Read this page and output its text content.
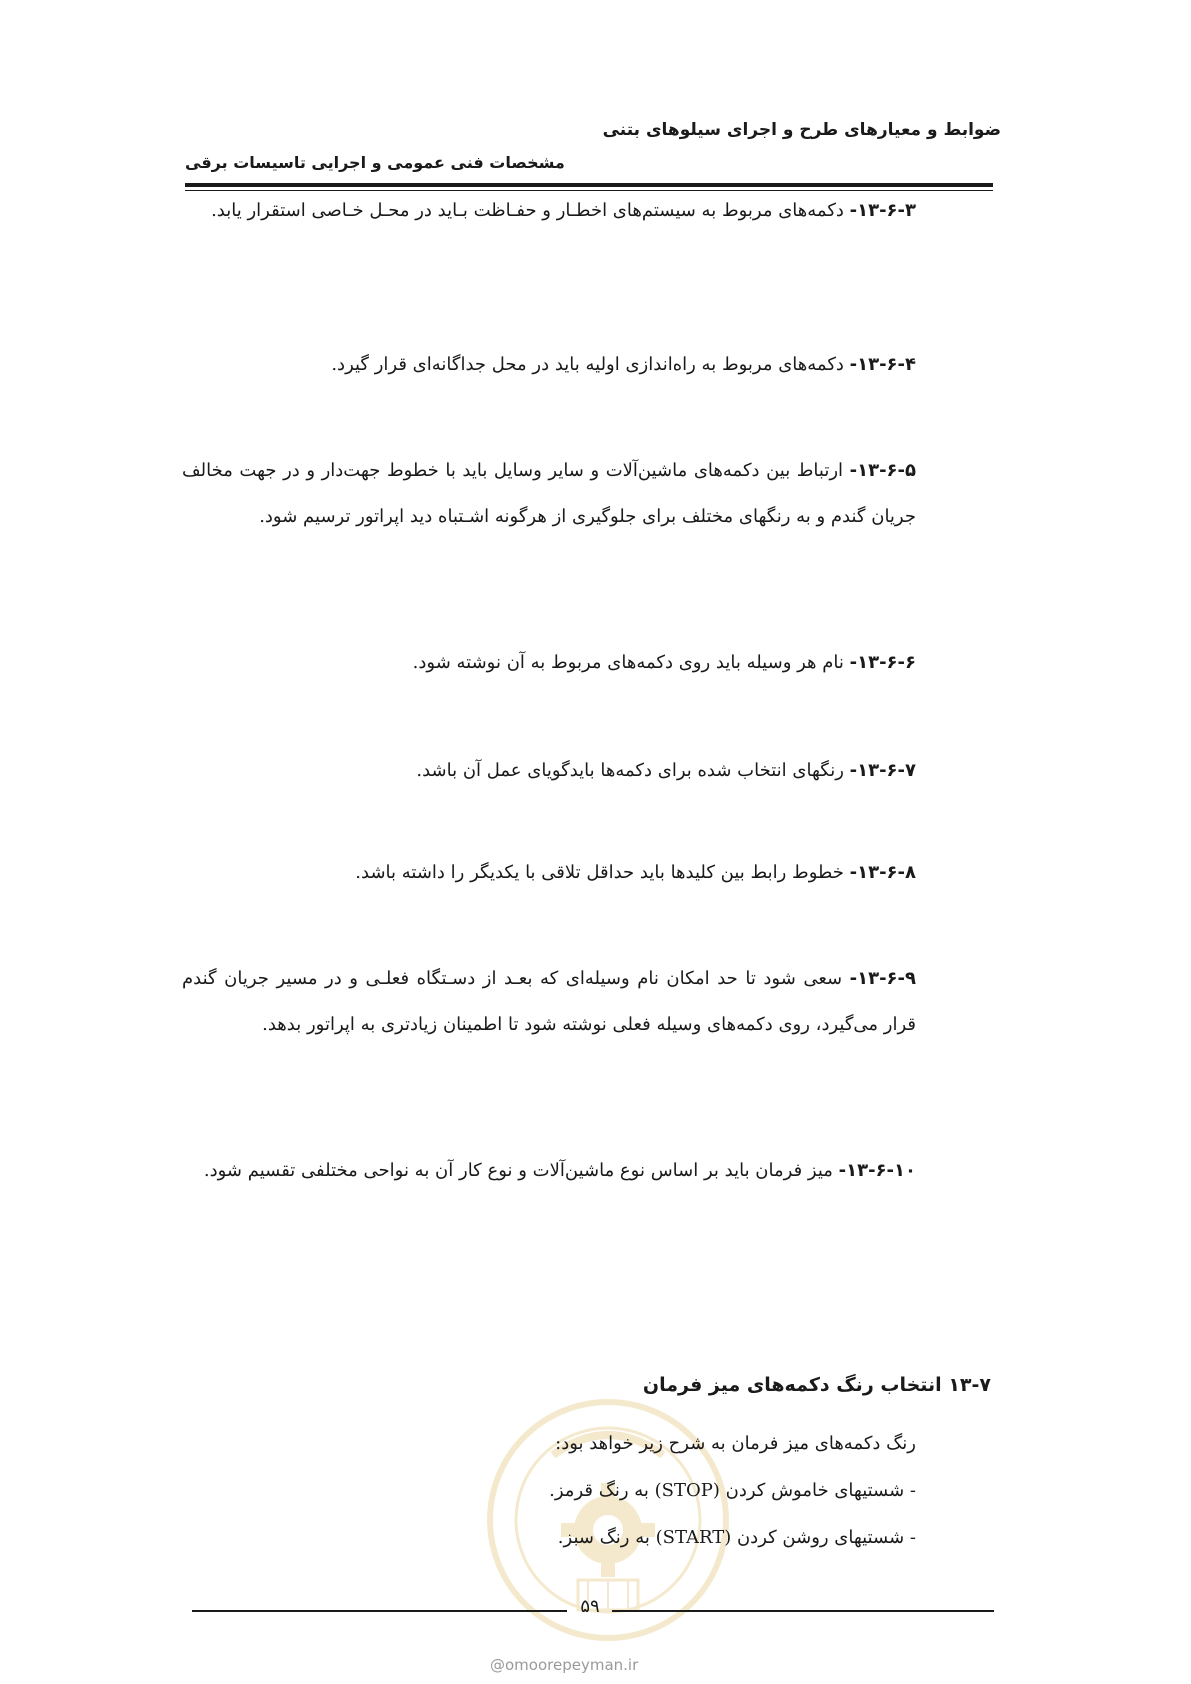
ضوابط و معیارهای طرح و اجرای سیلوهای بتنی
مشخصات فنی عمومی و اجرایی تاسیسات برقی

۱۳-۶-۳- دکمه‌های مربوط به سیستم‌های اخطـار و حفـاظت بـاید در محـل خـاصی استقرار یابد.

۱۳-۶-۴- دکمه‌های مربوط به راه‌اندازی اولیه باید در محل جداگانه‌ای قرار گیرد.

۱۳-۶-۵- ارتباط بین دکمه‌های ماشین‌آلات و سایر وسایل باید با خطوط جهت‌دار و در جهت مخالف جریان گندم و به رنگهای مختلف برای جلوگیری از هرگونه اشـتباه دید اپراتور ترسیم شود.

۱۳-۶-۶- نام هر وسیله باید روی دکمه‌های مربوط به آن نوشته شود.

۱۳-۶-۷- رنگهای انتخاب شده برای دکمه‌ها بایدگویای عمل آن باشد.

۱۳-۶-۸- خطوط رابط بین کلیدها باید حداقل تلاقی با یکدیگر را داشته باشد.

۱۳-۶-۹- سعی شود تا حد امکان نام وسیله‌ای که بعـد از دسـتگاه فعلـی و در مسیر جریان گندم قرار می‌گیرد، روی دکمه‌های وسیله فعلی نوشته شود تا اطمینان زیادتری به اپراتور بدهد.

۱۳-۶-۱۰- میز فرمان باید بر اساس نوع ماشین‌آلات و نوع کار آن به نواحی مختلفی تقسیم شود.

۱۳-۷ انتخاب رنگ دکمه‌های میز فرمان
رنگ دکمه‌های میز فرمان به شرح زیر خواهد بود:
- شستیهای خاموش کردن (STOP) به رنگ قرمز.
- شستیهای روشن کردن (START) به رنگ سبز.
۵۹
@omoorepeyman.ir
